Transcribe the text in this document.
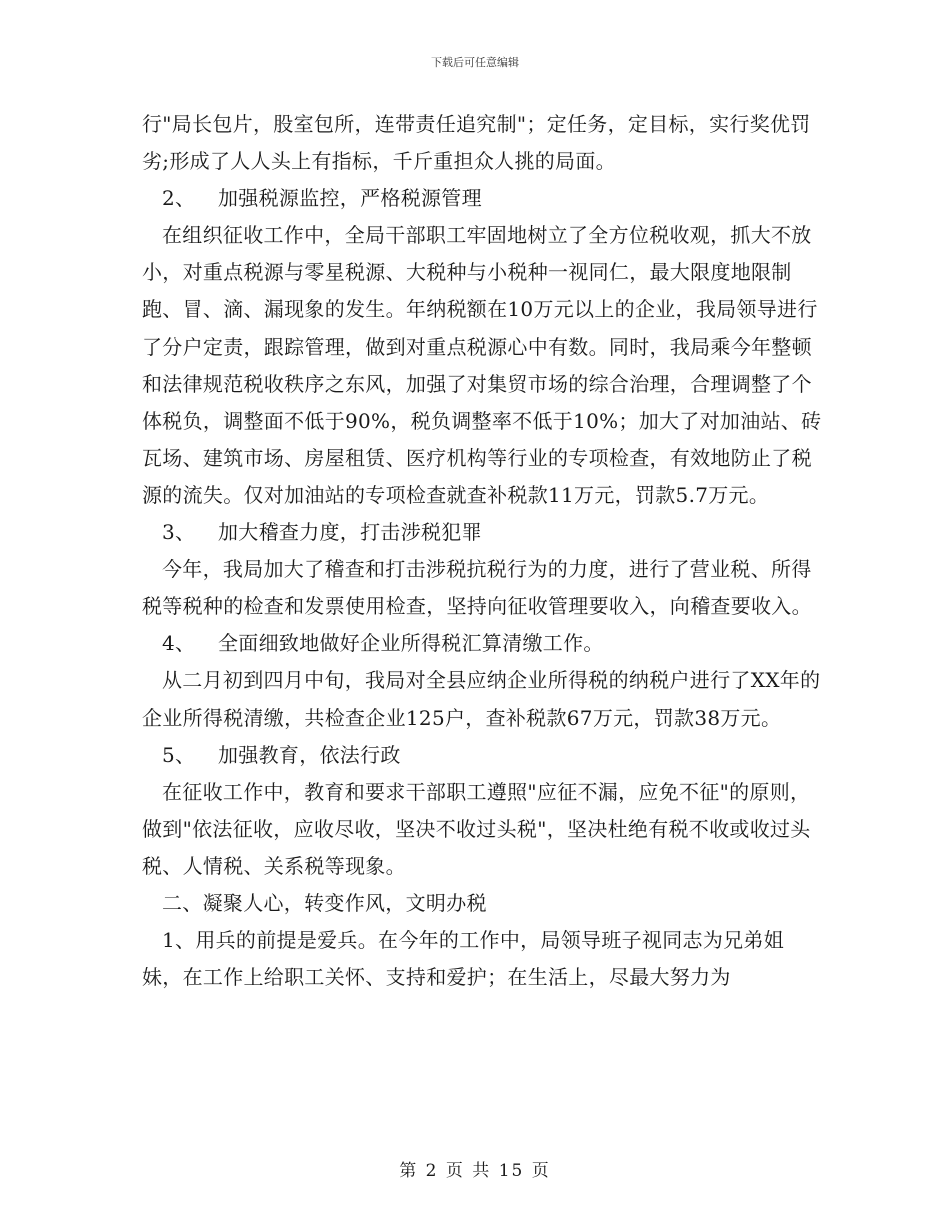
下载后可任意编辑

行"局长包片，股室包所，连带责任追究制"；定任务，定目标，实行奖优罚劣;形成了人人头上有指标，千斤重担众人挑的局面。

2、 加强税源监控，严格税源管理

在组织征收工作中，全局干部职工牢固地树立了全方位税收观，抓大不放小，对重点税源与零星税源、大税种与小税种一视同仁，最大限度地限制跑、冒、滴、漏现象的发生。年纳税额在10万元以上的企业，我局领导进行了分户定责，跟踪管理，做到对重点税源心中有数。同时，我局乘今年整顿和法律规范税收秩序之东风，加强了对集贸市场的综合治理，合理调整了个体税负，调整面不低于90%，税负调整率不低于10%；加大了对加油站、砖瓦场、建筑市场、房屋租赁、医疗机构等行业的专项检查，有效地防止了税源的流失。仅对加油站的专项检查就查补税款11万元，罚款5.7万元。

3、 加大稽查力度，打击涉税犯罪

今年，我局加大了稽查和打击涉税抗税行为的力度，进行了营业税、所得税等税种的检查和发票使用检查，坚持向征收管理要收入，向稽查要收入。

4、 全面细致地做好企业所得税汇算清缴工作。

从二月初到四月中旬，我局对全县应纳企业所得税的纳税户进行了XX年的企业所得税清缴，共检查企业125户，查补税款67万元，罚款38万元。

5、 加强教育，依法行政

在征收工作中，教育和要求干部职工遵照"应征不漏，应免不征"的原则，做到"依法征收，应收尽收，坚决不收过头税"，坚决杜绝有税不收或收过头税、人情税、关系税等现象。

二、凝聚人心，转变作风，文明办税

1、用兵的前提是爱兵。在今年的工作中，局领导班子视同志为兄弟姐妹，在工作上给职工关怀、支持和爱护；在生活上，尽最大努力为

第 2 页 共 15 页
